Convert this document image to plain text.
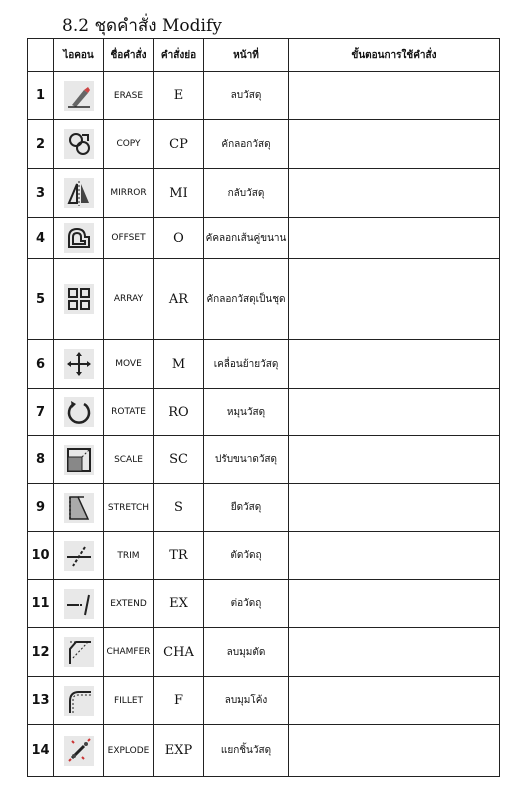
8.2 ชุดคำสั่ง Modify
	ไอคอน	ชื่อคำสั่ง	คำสั่งย่อ	หน้าที่	ขั้นตอนการใช้คำสั่ง
1		ERASE	E	ลบวัสดุ	
2		COPY	CP	คักลอกวัสดุ	
3		MIRROR	MI	กลับวัสดุ	
4		OFFSET	O	คัคลอกเส้นคู่ขนาน	
5		ARRAY	AR	คักลอกวัสดุเป็นชุด	
6		MOVE	M	เคลื่อนย้ายวัสดุ	
7		ROTATE	RO	หมุนวัสดุ	
8		SCALE	SC	ปรับขนาดวัสดุ	
9		STRETCH	S	ยืดวัสดุ	
10		TRIM	TR	ตัดวัดถุ	
11		EXTEND	EX	ต่อวัดถุ	
12		CHAMFER	CHA	ลบมุมตัด	
13		FILLET	F	ลบมุมโค้ง	
14		EXPLODE	EXP	แยกชิ้นวัสดุ	
